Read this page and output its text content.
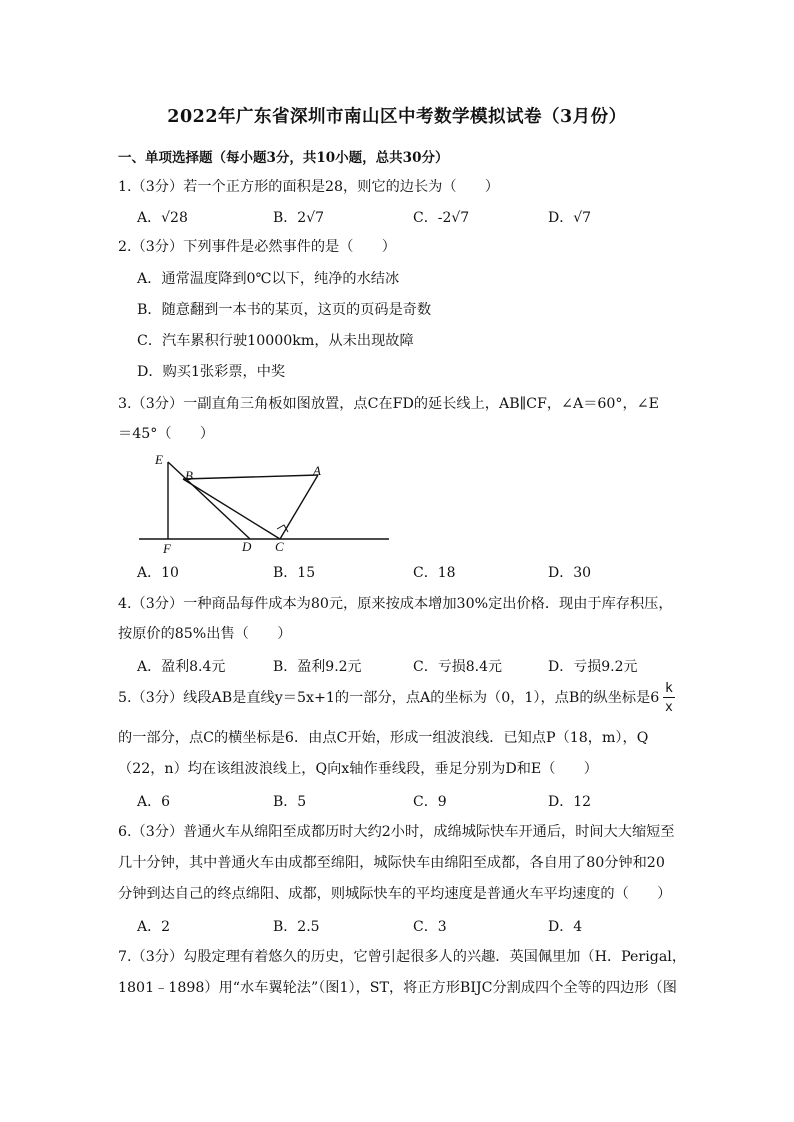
2022年广东省深圳市南山区中考数学模拟试卷（3月份）
一、单项选择题（每小题3分，共10小题，总共30分）
1.（3分）若一个正方形的面积是28，则它的边长为（　　）
A．√28	B．2√7	C．-2√7	D．√7
2.（3分）下列事件是必然事件的是（　　）
A．通常温度降到0℃以下，纯净的水结冰
B．随意翻到一本书的某页，这页的页码是奇数
C．汽车累积行驶10000km，从未出现故障
D．购买1张彩票，中奖
3.（3分）一副直角三角板如图放置，点C在FD的延长线上，AB∥CF，∠A＝60°，∠E
＝45°（　　）
E
B	A
F	D C
A．10	B．15	C．18	D．30
4.（3分）一种商品每件成本为80元，原来按成本增加30%定出价格．现由于库存积压，
按原价的85%出售（　　）
A．盈利8.4元	B．盈利9.2元	C．亏损8.4元	D．亏损9.2元
5.（3分）线段AB是直线y＝5x+1的一部分，点A的坐标为（0，1），点B的纵坐标是6
k
x
的一部分，点C的横坐标是6．由点C开始，形成一组波浪线．已知点P（18，m），Q
（22，n）均在该组波浪线上，Q向x轴作垂线段，垂足分别为D和E（　　）
A．6	B．5	C．9	D．12
6.（3分）普通火车从绵阳至成都历时大约2小时，成绵城际快车开通后，时间大大缩短至
几十分钟，其中普通火车由成都至绵阳，城际快车由绵阳至成都，各自用了80分钟和20
分钟到达自己的终点绵阳、成都，则城际快车的平均速度是普通火车平均速度的（　　）
A．2	B．2.5	C．3	D．4
7.（3分）勾股定理有着悠久的历史，它曾引起很多人的兴趣．英国佩里加（H．Perigal，
1801﹣1898）用“水车翼轮法”（图1），ST，将正方形BIJC分割成四个全等的四边形（图
